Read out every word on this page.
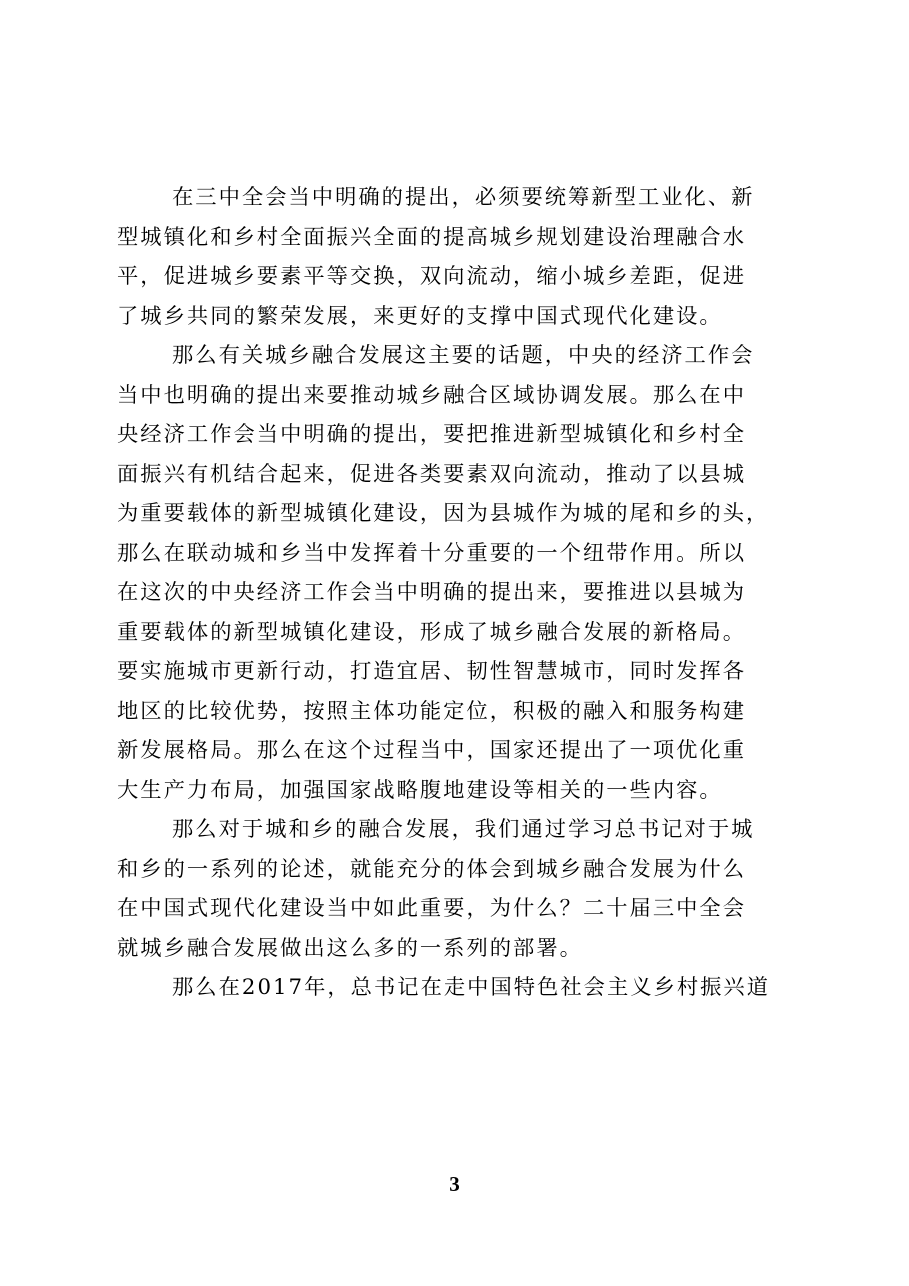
在三中全会当中明确的提出，必须要统筹新型工业化、新
型城镇化和乡村全面振兴全面的提高城乡规划建设治理融合水
平，促进城乡要素平等交换，双向流动，缩小城乡差距，促进
了城乡共同的繁荣发展，来更好的支撑中国式现代化建设。

那么有关城乡融合发展这主要的话题，中央的经济工作会
当中也明确的提出来要推动城乡融合区域协调发展。那么在中
央经济工作会当中明确的提出，要把推进新型城镇化和乡村全
面振兴有机结合起来，促进各类要素双向流动，推动了以县城
为重要载体的新型城镇化建设，因为县城作为城的尾和乡的头，
那么在联动城和乡当中发挥着十分重要的一个纽带作用。所以
在这次的中央经济工作会当中明确的提出来，要推进以县城为
重要载体的新型城镇化建设，形成了城乡融合发展的新格局。
要实施城市更新行动，打造宜居、韧性智慧城市，同时发挥各
地区的比较优势，按照主体功能定位，积极的融入和服务构建
新发展格局。那么在这个过程当中，国家还提出了一项优化重
大生产力布局，加强国家战略腹地建设等相关的一些内容。

那么对于城和乡的融合发展，我们通过学习总书记对于城
和乡的一系列的论述，就能充分的体会到城乡融合发展为什么
在中国式现代化建设当中如此重要，为什么？二十届三中全会
就城乡融合发展做出这么多的一系列的部署。

那么在2017年，总书记在走中国特色社会主义乡村振兴道

3
